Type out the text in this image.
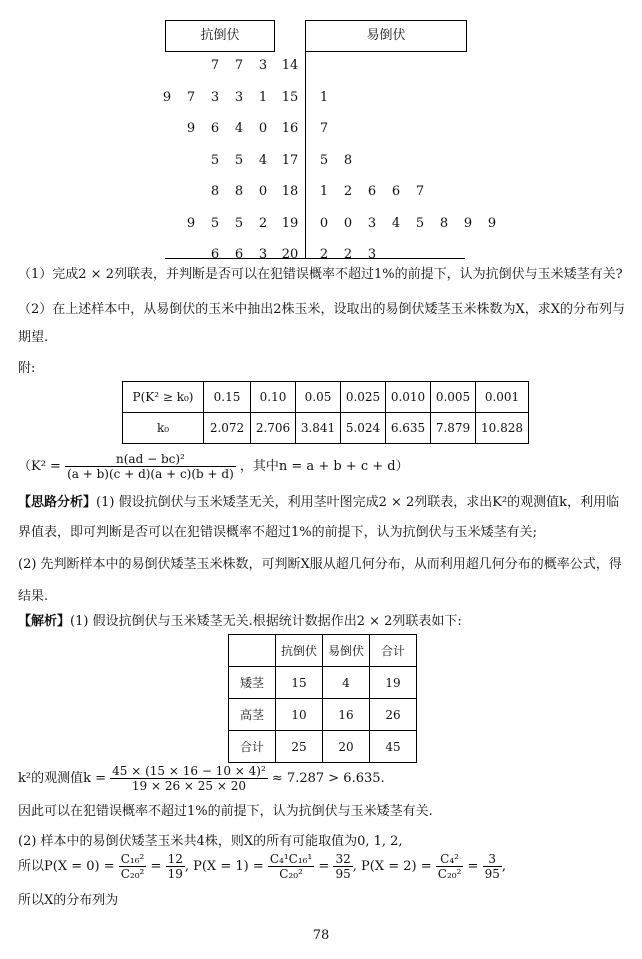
抗倒伏	易倒伏
7 7 3	14
9 7 3 3 1	15	1
9 6 4 0	16	7
5 5 4	17	5 8
8 8 0	18	1 2 6 6 7
9 5 5 2	19	0 0 3 4 5 8 9 9
6 6 3	20	2 2 3

（1）完成2 × 2列联表，并判断是否可以在犯错误概率不超过1%的前提下，认为抗倒伏与玉米矮茎有关?

（2）在上述样本中，从易倒伏的玉米中抽出2株玉米，设取出的易倒伏矮茎玉米株数为X，求X的分布列与期望.

附:

P(K² ≥ k₀)	0.15	0.10	0.05	0.025	0.010	0.005	0.001
k₀	2.072	2.706	3.841	5.024	6.635	7.879	10.828
（$K^2 = \frac{\text{n(ad − bc)²}}{(a + b)(c + d)(a + c)(b + d)}$ ，其中n = a + b + c + d）

【思路分析】(1) 假设抗倒伏与玉米矮茎无关，利用茎叶图完成2 × 2列联表，求出K²的观测值k，利用临界值表，即可判断是否可以在犯错误概率不超过1%的前提下，认为抗倒伏与玉米矮茎有关;

(2) 先判断样本中的易倒伏矮茎玉米株数，可判断X服从超几何分布，从而利用超几何分布的概率公式，得结果.

【解析】(1) 假设抗倒伏与玉米矮茎无关.根据统计数据作出2 × 2列联表如下:

	抗倒伏	易倒伏	合计
矮茎	15	4	19
高茎	10	16	26
合计	25	20	45
k²的观测值$k = \frac{\text{45 × (15 × 16 − 10 × 4)²}}{19 \times 26 \times 25 \times 20} \approx 7.287 > 6.635$.

因此可以在犯错误概率不超过1%的前提下，认为抗倒伏与玉米矮茎有关.

(2) 样本中的易倒伏矮茎玉米共4株，则X的所有可能取值为0, 1, 2,

所以$P(X = 0) = \frac{\text{C₁₆²}}{\text{C₂₀²}} = \frac{12}{19}$ , $P(X = 1) = \frac{\text{C₄¹C₁₆¹}}{\text{C₂₀²}} = \frac{32}{95}$ , $P(X = 2) = \frac{\text{C₄²}}{\text{C₂₀²}} = \frac{3}{95}$ ,

所以X的分布列为

78
